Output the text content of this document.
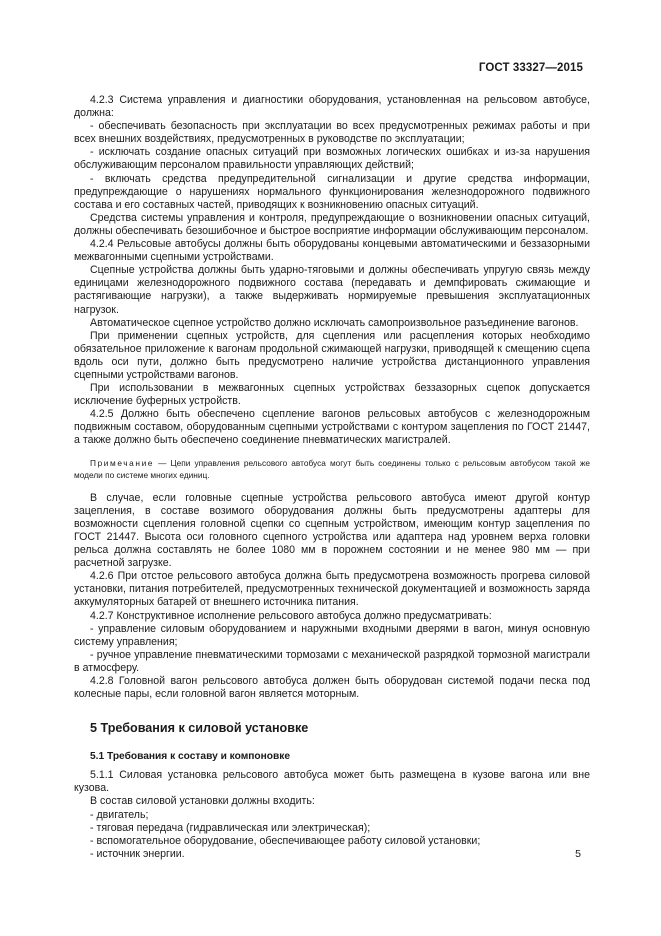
ГОСТ 33327—2015

4.2.3 Система управления и диагностики оборудования, установленная на рельсовом автобусе, должна:

- обеспечивать безопасность при эксплуатации во всех предусмотренных режимах работы и при всех внешних воздействиях, предусмотренных в руководстве по эксплуатации;

- исключать создание опасных ситуаций при возможных логических ошибках и из-за нарушения обслуживающим персоналом правильности управляющих действий;

- включать средства предупредительной сигнализации и другие средства информации, предупреждающие о нарушениях нормального функционирования железнодорожного подвижного состава и его составных частей, приводящих к возникновению опасных ситуаций.

Средства системы управления и контроля, предупреждающие о возникновении опасных ситуаций, должны обеспечивать безошибочное и быстрое восприятие информации обслуживающим персоналом.

4.2.4 Рельсовые автобусы должны быть оборудованы концевыми автоматическими и беззазорными межвагонными сцепными устройствами.

Сцепные устройства должны быть ударно-тяговыми и должны обеспечивать упругую связь между единицами железнодорожного подвижного состава (передавать и демпфировать сжимающие и растягивающие нагрузки), а также выдерживать нормируемые превышения эксплуатационных нагрузок.

Автоматическое сцепное устройство должно исключать самопроизвольное разъединение вагонов.

При применении сцепных устройств, для сцепления или расцепления которых необходимо обязательное приложение к вагонам продольной сжимающей нагрузки, приводящей к смещению сцепа вдоль оси пути, должно быть предусмотрено наличие устройства дистанционного управления сцепными устройствами вагонов.

При использовании в межвагонных сцепных устройствах беззазорных сцепок допускается исключение буферных устройств.

4.2.5 Должно быть обеспечено сцепление вагонов рельсовых автобусов с железнодорожным подвижным составом, оборудованным сцепными устройствами с контуром зацепления по ГОСТ 21447, а также должно быть обеспечено соединение пневматических магистралей.

Примечание — Цепи управления рельсового автобуса могут быть соединены только с рельсовым автобусом такой же модели по системе многих единиц.

В случае, если головные сцепные устройства рельсового автобуса имеют другой контур зацепления, в составе возимого оборудования должны быть предусмотрены адаптеры для возможности сцепления головной сцепки со сцепным устройством, имеющим контур зацепления по ГОСТ 21447. Высота оси головного сцепного устройства или адаптера над уровнем верха головки рельса должна составлять не более 1080 мм в порожнем состоянии и не менее 980 мм — при расчетной загрузке.

4.2.6 При отстое рельсового автобуса должна быть предусмотрена возможность прогрева силовой установки, питания потребителей, предусмотренных технической документацией и возможность заряда аккумуляторных батарей от внешнего источника питания.

4.2.7 Конструктивное исполнение рельсового автобуса должно предусматривать:

- управление силовым оборудованием и наружными входными дверями в вагон, минуя основную систему управления;

- ручное управление пневматическими тормозами с механической разрядкой тормозной магистрали в атмосферу.

4.2.8 Головной вагон рельсового автобуса должен быть оборудован системой подачи песка под колесные пары, если головной вагон является моторным.

5 Требования к силовой установке

5.1 Требования к составу и компоновке

5.1.1 Силовая установка рельсового автобуса может быть размещена в кузове вагона или вне кузова.

В состав силовой установки должны входить:

- двигатель;

- тяговая передача (гидравлическая или электрическая);

- вспомогательное оборудование, обеспечивающее работу силовой установки;

- источник энергии.	5
